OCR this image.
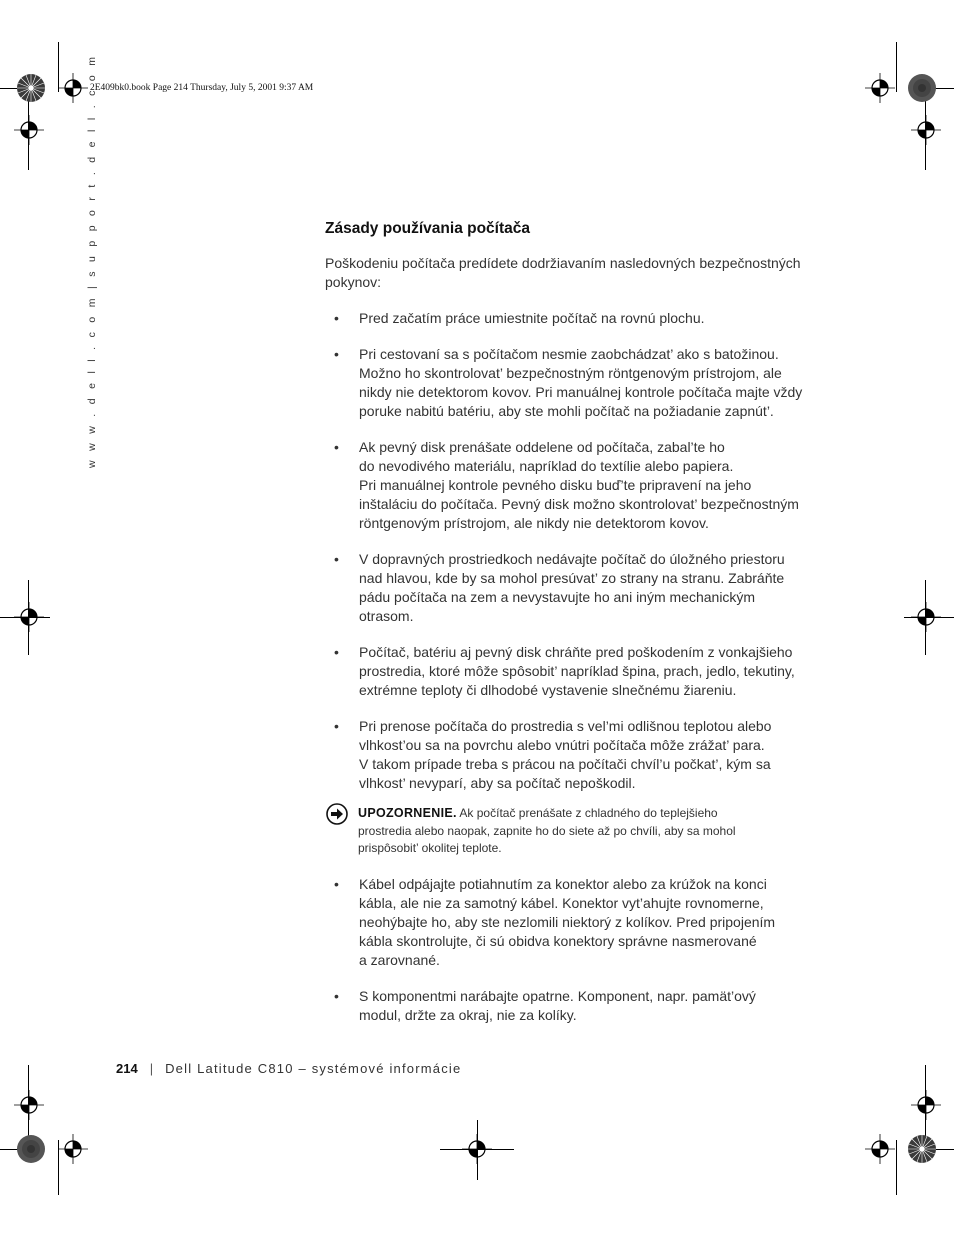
2E409bk0.book Page 214 Thursday, July 5, 2001 9:37 AM
w w w . d e l l . c o m | s u p p o r t . d e l l . c o m	Zásady používania počítača

Poškodeniu počítača predídete dodržiavaním nasledovných bezpečnostných pokynov:

• Pred začatím práce umiestnite počítač na rovnú plochu.
• Pri cestovaní sa s počítačom nesmie zaobchádzat’ ako s batožinou.
Možno ho skontrolovat’ bezpečnostným röntgenovým prístrojom, ale
nikdy nie detektorom kovov. Pri manuálnej kontrole počítača majte vždy
poruke nabitú batériu, aby ste mohli počítač na požiadanie zapnút’.
• Ak pevný disk prenášate oddelene od počítača, zabal’te ho
do nevodivého materiálu, napríklad do textílie alebo papiera.
Pri manuálnej kontrole pevného disku buď’te pripravení na jeho
inštaláciu do počítača. Pevný disk možno skontrolovat’ bezpečnostným
röntgenovým prístrojom, ale nikdy nie detektorom kovov.
• V dopravných prostriedkoch nedávajte počítač do úložného priestoru
nad hlavou, kde by sa mohol presúvat’ zo strany na stranu. Zabráňte
pádu počítača na zem a nevystavujte ho ani iným mechanickým
otrasom.
• Počítač, batériu aj pevný disk chráňte pred poškodením z vonkajšieho
prostredia, ktoré môže spôsobit’ napríklad špina, prach, jedlo, tekutiny,
extrémne teploty či dlhodobé vystavenie slnečnému žiareniu.
• Pri prenose počítača do prostredia s vel’mi odlišnou teplotou alebo
vlhkost’ou sa na povrchu alebo vnútri počítača môže zrážat’ para.
V takom prípade treba s prácou na počítači chvíl’u počkat’, kým sa
vlhkost’ nevyparí, aby sa počítač nepoškodil.
UPOZORNENIE. Ak počítač prenášate z chladného do teplejšieho
prostredia alebo naopak, zapnite ho do siete až po chvíli, aby sa mohol
prispôsobit’ okolitej teplote.
• Kábel odpájajte potiahnutím za konektor alebo za krúžok na konci
kábla, ale nie za samotný kábel. Konektor vyt’ahujte rovnomerne,
neohýbajte ho, aby ste nezlomili niektorý z kolíkov. Pred pripojením
kábla skontrolujte, či sú obidva konektory správne nasmerované
a zarovnané.
• S komponentmi narábajte opatrne. Komponent, napr. pamät’ový
modul, držte za okraj, nie za kolíky.
214 | Dell Latitude C810 – systémové informácie
